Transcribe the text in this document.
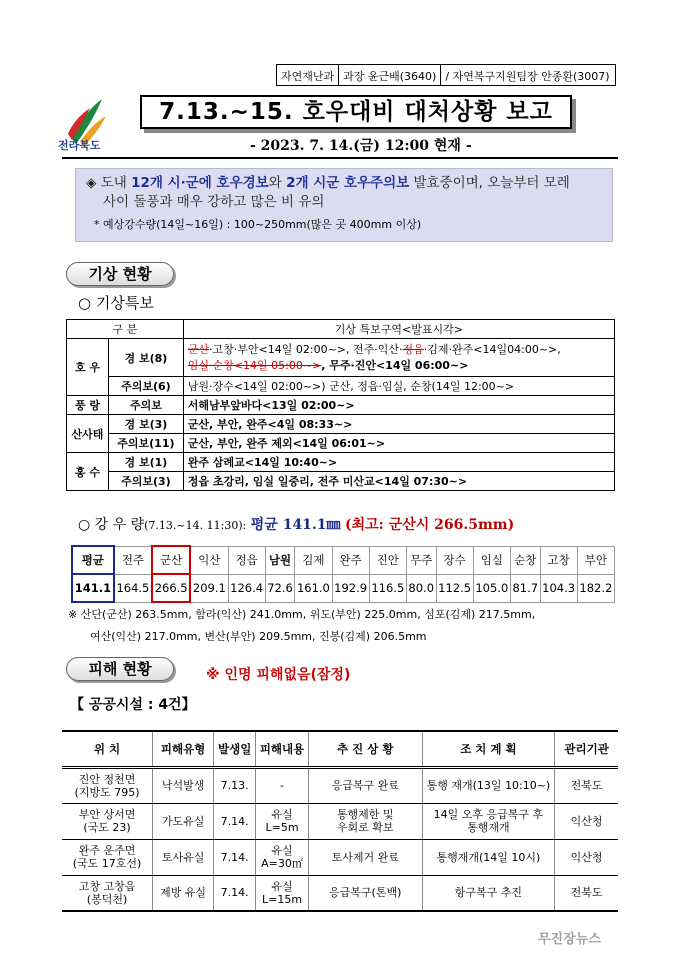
자연재난과 과장 윤근배(3640) / 자연복구지원팀장 안종환(3007)
전라북도
7.13.~15. 호우대비 대처상황 보고
- 2023. 7. 14.(금) 12:00 현재 -
◈ 도내 12개 시·군에 호우경보와 2개 시군 호우주의보 발효중이며, 오늘부터 모레
사이 돌풍과 매우 강하고 많은 비 유의
* 예상강수량(14일~16일) : 100~250mm(많은 곳 400mm 이상)
기상 현황
○ 기상특보
구 분		기상 특보구역<발표시각>
호 우	경 보(8)	군산·고창·부안<14일 02:00~>, 전주·익산·정읍·김제·완주<14일04:00~>,
임실·순창<14일 05:00~>, 무주·진안<14일 06:00~>
	주의보(6)	남원·장수<14일 02:00~>) 군산, 정읍·임실, 순창(14일 12:00~>
풍 랑	주의보	서해남부앞바다<13일 02:00~>
산사태	경 보(3)	군산, 부안, 완주<4일 08:33~>
	주의보(11)	군산, 부안, 완주 제외<14일 06:01~>
홍 수	경 보(1)	완주 삼례교<14일 10:40~>
	주의보(3)	정읍 초강리, 임실 일중리, 전주 미산교<14일 07:30~>
○ 강 우 량(7.13.~14. 11:30): 평균 141.1㎜ (최고: 군산시 266.5mm)
평균	전주	군산	익산	정읍	남원	김제	완주	진안	무주	장수	임실	순창	고창	부안
141.1	164.5	266.5	209.1	126.4	72.6	161.0	192.9	116.5	80.0	112.5	105.0	81.7	104.3	182.2
※ 산단(군산) 263.5mm, 함라(익산) 241.0mm, 위도(부안) 225.0mm, 심포(김제) 217.5mm,
여산(익산) 217.0mm, 변산(부안) 209.5mm, 진봉(김제) 206.5mm
피해 현황	※ 인명 피해없음(잠정)
【 공공시설 : 4건】
위 치	피해유형	발생일	피해내용	추 진 상 황	조 치 계 획	관리기관
진안 정천면
(지방도 795)	낙석발생	7.13.	-	응급복구 완료	통행 재개(13일 10:10~)	전북도
부안 상서면
(국도 23)	가도유실	7.14.	유실
L=5m	통행제한 및
우회로 확보	14일 오후 응급복구 후
통행재개	익산청
완주 운주면
(국도 17호선)	토사유실	7.14.	유실
A=30㎡	토사제거 완료	통행재개(14일 10시)	익산청
고창 고창읍
(봉덕천)	제방 유실	7.14.	유실
L=15m	응급복구(톤백)	항구복구 추진	전북도
무진장뉴스
